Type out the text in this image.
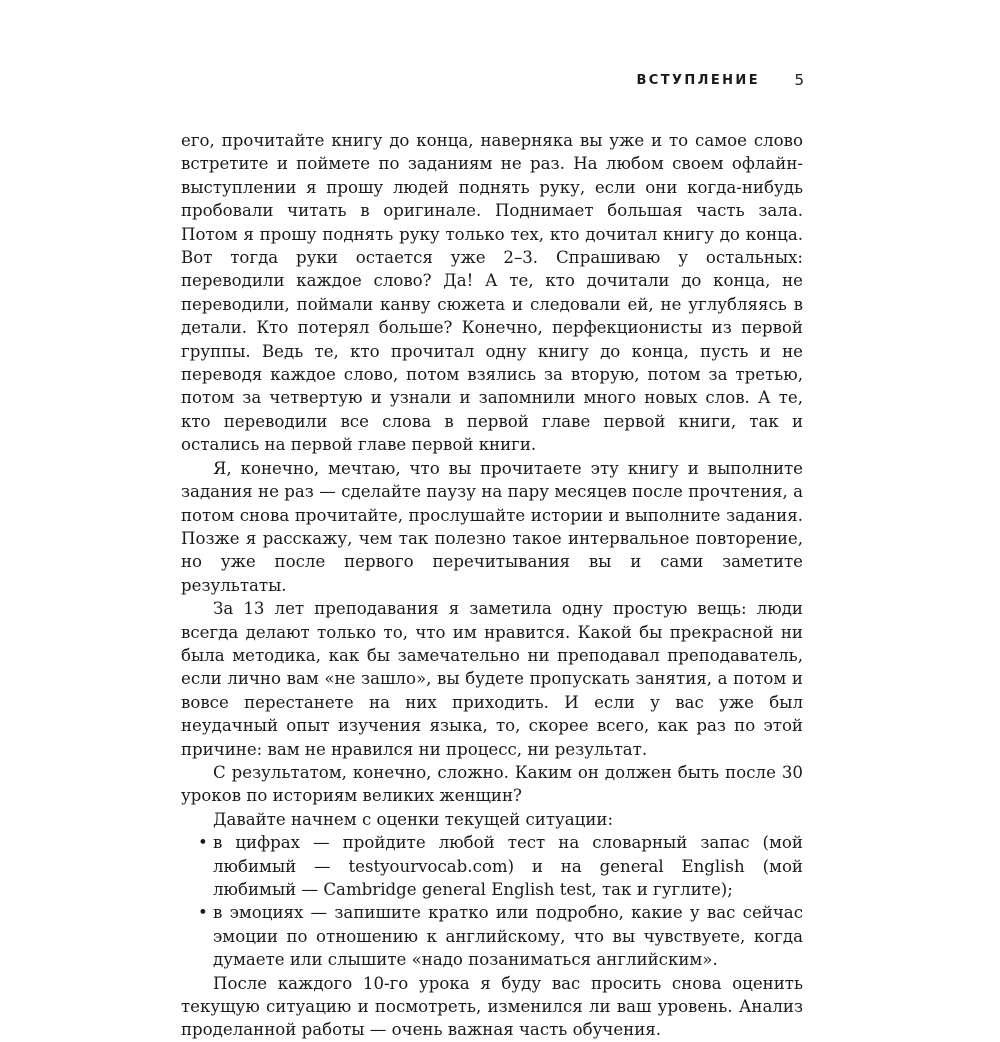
ВСТУПЛЕНИЕ 5

его, прочитайте книгу до конца, наверняка вы уже и то самое слово встретите и поймете по заданиям не раз. На любом своем офлайн-выступлении я прошу людей поднять руку, если они когда-нибудь пробовали читать в оригинале. Поднимает большая часть зала. Потом я прошу поднять руку только тех, кто дочитал книгу до конца. Вот тогда руки остается уже 2–3. Спрашиваю у остальных: переводили каждое слово? Да! А те, кто дочитали до конца, не переводили, поймали канву сюжета и следовали ей, не углубляясь в детали. Кто потерял больше? Конечно, перфекционисты из первой группы. Ведь те, кто прочитал одну книгу до конца, пусть и не переводя каждое слово, потом взялись за вторую, потом за третью, потом за четвертую и узнали и запомнили много новых слов. А те, кто переводили все слова в первой главе первой книги, так и остались на первой главе первой книги.

Я, конечно, мечтаю, что вы прочитаете эту книгу и выполните задания не раз — сделайте паузу на пару месяцев после прочтения, а потом снова прочитайте, прослушайте истории и выполните задания. Позже я расскажу, чем так полезно такое интервальное повторение, но уже после первого перечитывания вы и сами заметите результаты.

За 13 лет преподавания я заметила одну простую вещь: люди всегда делают только то, что им нравится. Какой бы прекрасной ни была методика, как бы замечательно ни преподавал преподаватель, если лично вам «не зашло», вы будете пропускать занятия, а потом и вовсе перестанете на них приходить. И если у вас уже был неудачный опыт изучения языка, то, скорее всего, как раз по этой причине: вам не нравился ни процесс, ни результат.

С результатом, конечно, сложно. Каким он должен быть после 30 уроков по историям великих женщин?

Давайте начнем с оценки текущей ситуации:

• в цифрах — пройдите любой тест на словарный запас (мой любимый — testyourvocab.com) и на general English (мой любимый — Cambridge general English test, так и гуглите);
• в эмоциях — запишите кратко или подробно, какие у вас сейчас эмоции по отношению к английскому, что вы чувствуете, когда думаете или слышите «надо позаниматься английским».

После каждого 10-го урока я буду вас просить снова оценить текущую ситуацию и посмотреть, изменился ли ваш уровень. Анализ проделанной работы — очень важная часть обучения.
